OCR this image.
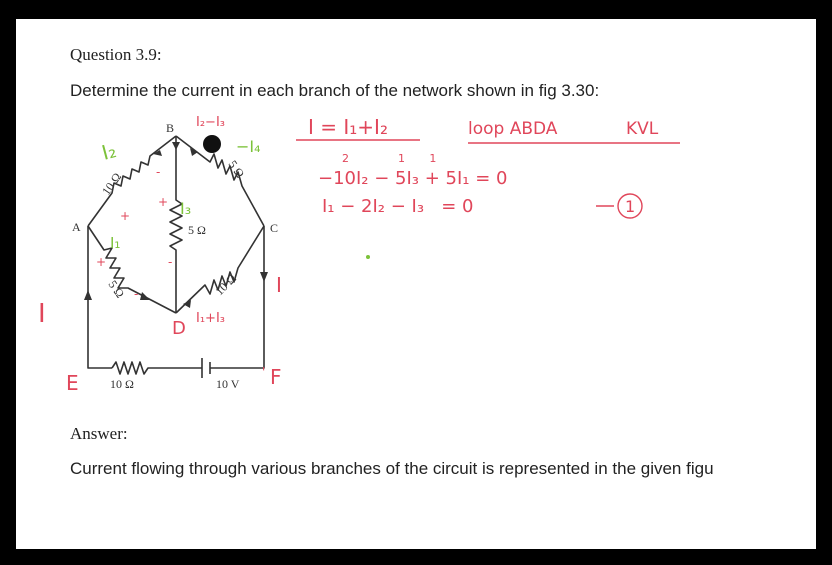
Question 3.9:
Determine the current in each branch of the network shown in fig 3.30:
A
B
C
10 Ω
5 Ω
5 Ω
5 Ω	10 Ω
10 Ω	10 V
I₂
I₁
I₃
−I₄
I₂−I₃
I₁+I₃
D
I
I
E	F
+
+
+
-
-
-
'
I = I₁+I₂	loop ABDA	KVL
2              1       1
−10I₂ − 5I₃ + 5I₁ = 0
I₁ − 2I₂ − I₃   = 0	1
Answer:
Current flowing through various branches of the circuit is represented in the given figu
